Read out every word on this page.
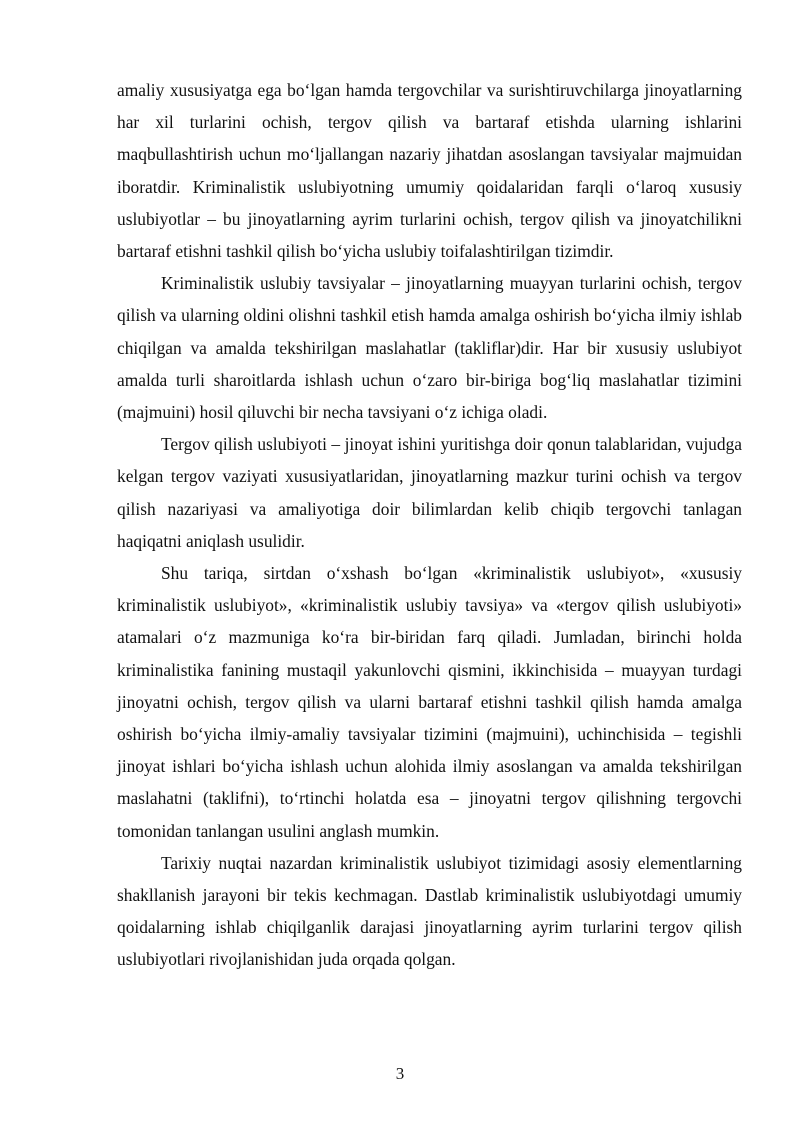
amaliy xususiyatga ega bo‘lgan hamda tergovchilar va surishtiruvchilarga jinoyatlarning har xil turlarini ochish, tergov qilish va bartaraf etishda ularning ishlarini maqbullashtirish uchun mo‘ljallangan nazariy jihatdan asoslangan tavsiyalar majmuidan iboratdir. Kriminalistik uslubiyotning umumiy qoidalaridan farqli o‘laroq xususiy uslubiyotlar – bu jinoyatlarning ayrim turlarini ochish, tergov qilish va jinoyatchilikni bartaraf etishni tashkil qilish bo‘yicha uslubiy toifalashtirilgan tizimdir.

Kriminalistik uslubiy tavsiyalar – jinoyatlarning muayyan turlarini ochish, tergov qilish va ularning oldini olishni tashkil etish hamda amalga oshirish bo‘yicha ilmiy ishlab chiqilgan va amalda tekshirilgan maslahatlar (takliflar)dir. Har bir xususiy uslubiyot amalda turli sharoitlarda ishlash uchun o‘zaro bir-biriga bog‘liq maslahatlar tizimini (majmuini) hosil qiluvchi bir necha tavsiyani o‘z ichiga oladi.

Tergov qilish uslubiyoti – jinoyat ishini yuritishga doir qonun talablaridan, vujudga kelgan tergov vaziyati xususiyatlaridan, jinoyatlarning mazkur turini ochish va tergov qilish nazariyasi va amaliyotiga doir bilimlardan kelib chiqib tergovchi tanlagan haqiqatni aniqlash usulidir.

Shu tariqa, sirtdan o‘xshash bo‘lgan «kriminalistik uslubiyot», «xususiy kriminalistik uslubiyot», «kriminalistik uslubiy tavsiya» va «tergov qilish uslubiyoti» atamalari o‘z mazmuniga ko‘ra bir-biridan farq qiladi. Jumladan, birinchi holda kriminalistika fanining mustaqil yakunlovchi qismini, ikkinchisida – muayyan turdagi jinoyatni ochish, tergov qilish va ularni bartaraf etishni tashkil qilish hamda amalga oshirish bo‘yicha ilmiy-amaliy tavsiyalar tizimini (majmuini), uchinchisida – tegishli jinoyat ishlari bo‘yicha ishlash uchun alohida ilmiy asoslangan va amalda tekshirilgan maslahatni (taklifni), to‘rtinchi holatda esa – jinoyatni tergov qilishning tergovchi tomonidan tanlangan usulini anglash mumkin.

Tarixiy nuqtai nazardan kriminalistik uslubiyot tizimidagi asosiy elementlarning shakllanish jarayoni bir tekis kechmagan. Dastlab kriminalistik uslubiyotdagi umumiy qoidalarning ishlab chiqilganlik darajasi jinoyatlarning ayrim turlarini tergov qilish uslubiyotlari rivojlanishidan juda orqada qolgan.

3
